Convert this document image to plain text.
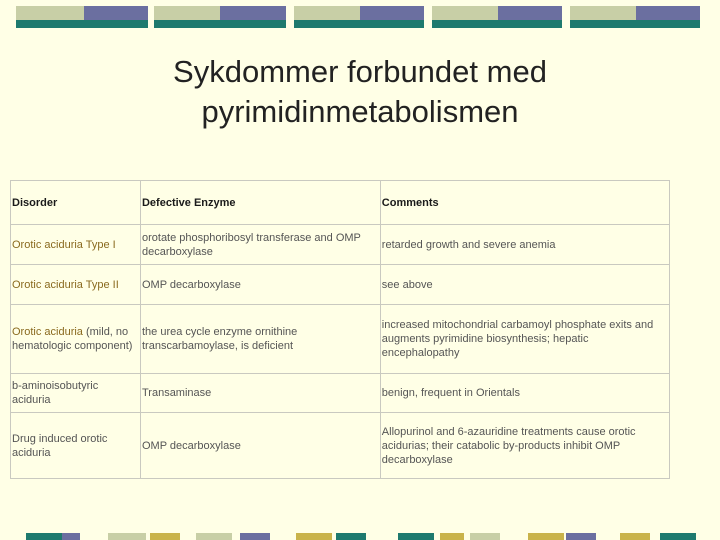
Sykdommer forbundet med
pyrimidinmetabolismen
Disorder	Defective Enzyme	Comments
Orotic aciduria Type I	orotate phosphoribosyl transferase and OMP decarboxylase	retarded growth and severe anemia
Orotic aciduria Type II	OMP decarboxylase	see above
Orotic aciduria (mild, no hematologic component)	the urea cycle enzyme ornithine transcarbamoylase, is deficient	increased mitochondrial carbamoyl phosphate exits and augments pyrimidine biosynthesis; hepatic encephalopathy
b-aminoisobutyric aciduria	Transaminase	benign, frequent in Orientals
Drug induced orotic aciduria	OMP decarboxylase	Allopurinol and 6-azauridine treatments cause orotic acidurias; their catabolic by-products inhibit OMP decarboxylase
